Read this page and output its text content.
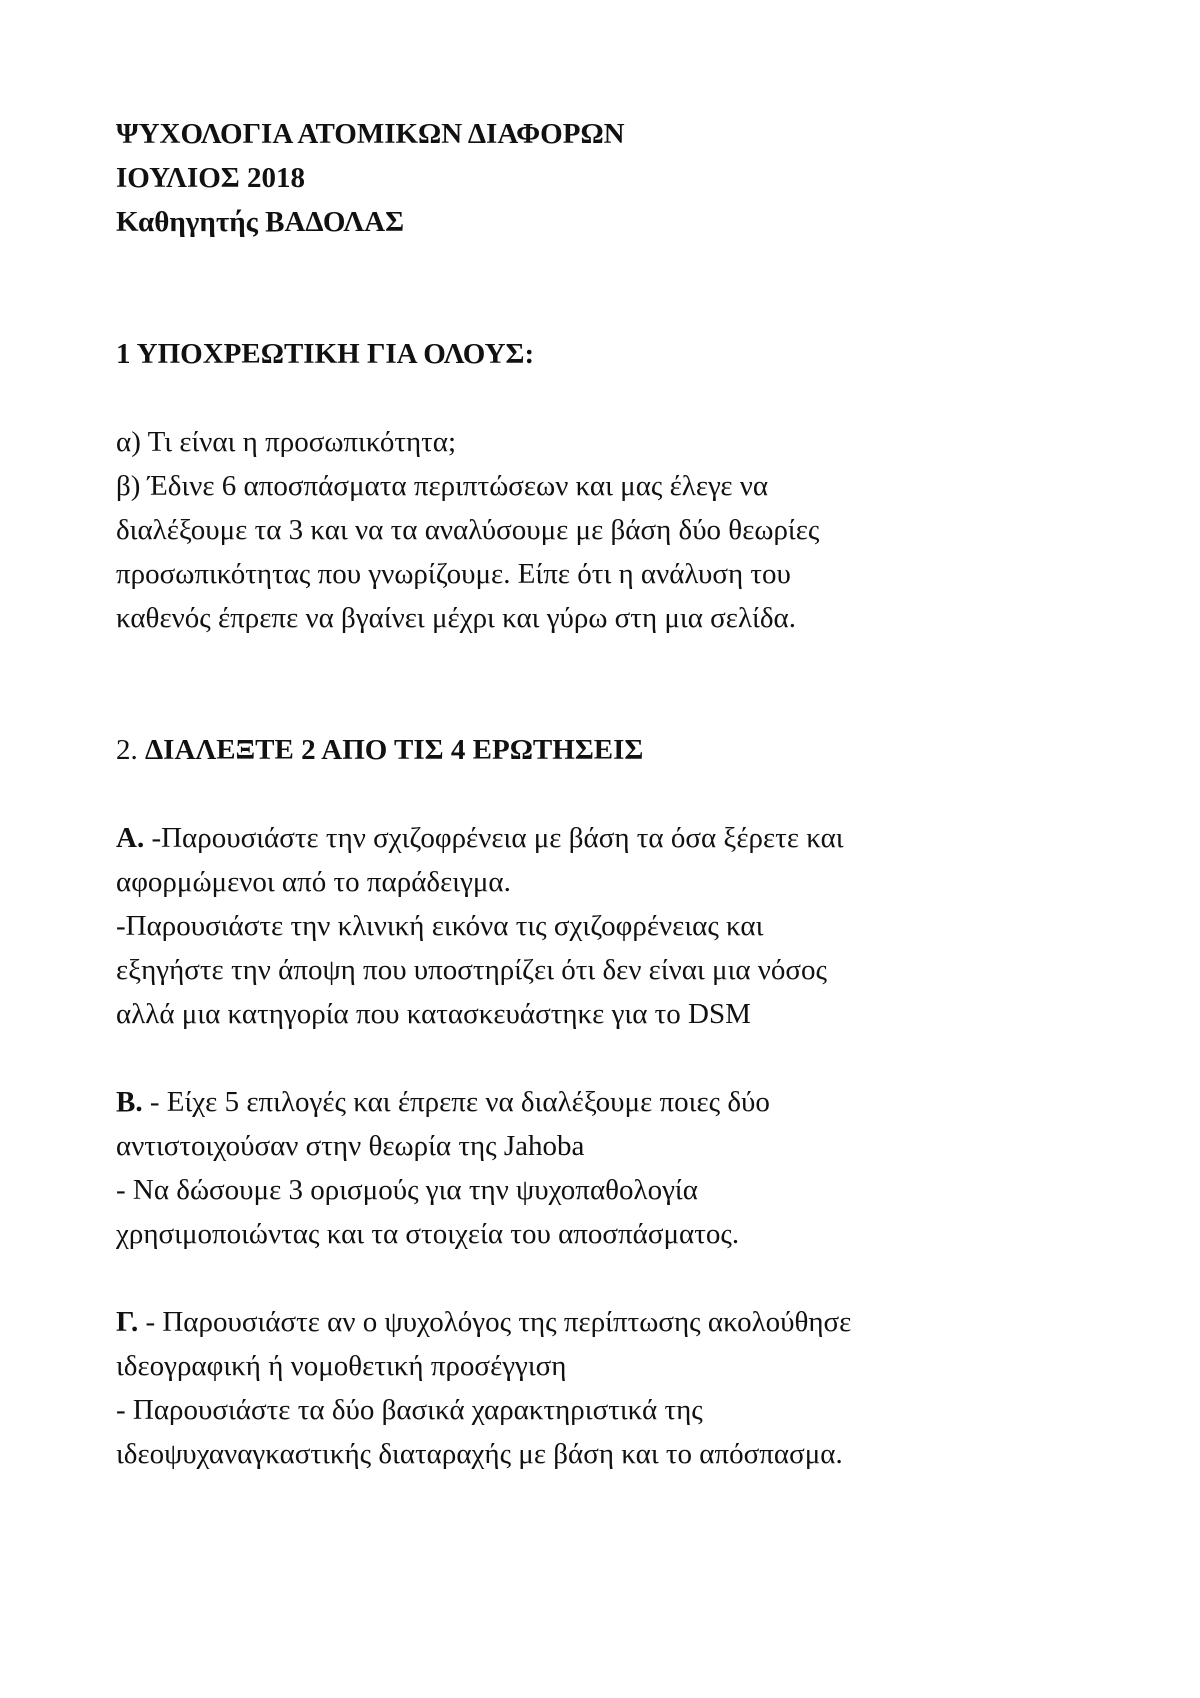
ΨΥΧΟΛΟΓΙΑ ΑΤΟΜΙΚΩΝ ΔΙΑΦΟΡΩΝ
ΙΟΥΛΙΟΣ 2018
Καθηγητής ΒΑΔΟΛΑΣ
1 ΥΠΟΧΡΕΩΤΙΚΗ ΓΙΑ ΟΛΟΥΣ:
α) Τι είναι η προσωπικότητα;
β) Έδινε 6 αποσπάσματα περιπτώσεων και μας έλεγε να
διαλέξουμε τα 3 και να τα αναλύσουμε με βάση δύο θεωρίες
προσωπικότητας που γνωρίζουμε. Είπε ότι η ανάλυση του
καθενός έπρεπε να βγαίνει μέχρι και γύρω στη μια σελίδα.
2. ΔΙΑΛΕΞΤΕ 2 ΑΠΟ ΤΙΣ 4 ΕΡΩΤΗΣΕΙΣ
Α. -Παρουσιάστε την σχιζοφρένεια με βάση τα όσα ξέρετε και
αφορμώμενοι από το παράδειγμα.
-Παρουσιάστε την κλινική εικόνα τις σχιζοφρένειας και
εξηγήστε την άποψη που υποστηρίζει ότι δεν είναι μια νόσος
αλλά μια κατηγορία που κατασκευάστηκε για το DSM
Β. - Είχε 5 επιλογές και έπρεπε να διαλέξουμε ποιες δύο
αντιστοιχούσαν στην θεωρία της Jahoba
- Να δώσουμε 3 ορισμούς για την ψυχοπαθολογία
χρησιμοποιώντας και τα στοιχεία του αποσπάσματος.
Γ. - Παρουσιάστε αν ο ψυχολόγος της περίπτωσης ακολούθησε
ιδεογραφική ή νομοθετική προσέγγιση
- Παρουσιάστε τα δύο βασικά χαρακτηριστικά της
ιδεοψυχαναγκαστικής διαταραχής με βάση και το απόσπασμα.
